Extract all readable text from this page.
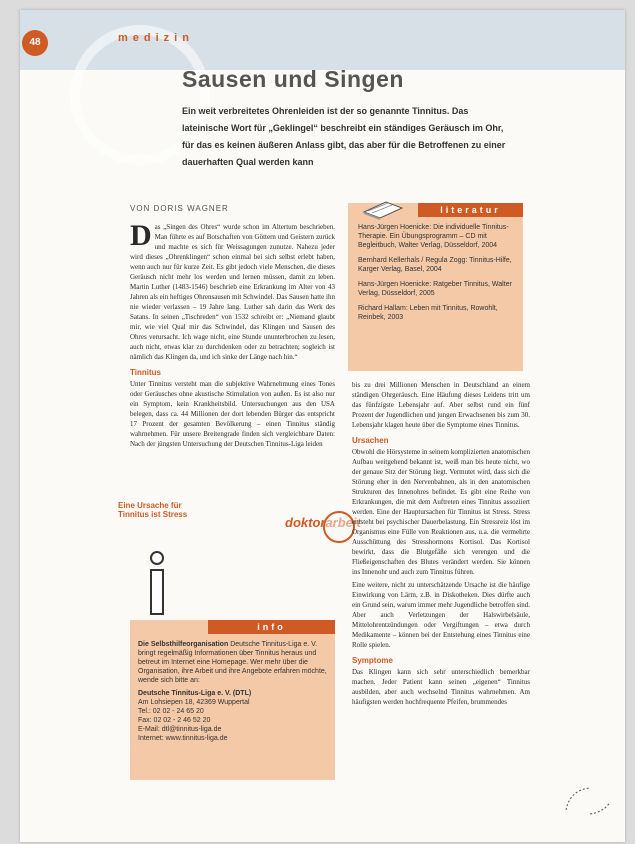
48	medizin
Sausen und Singen
Ein weit verbreitetes Ohrenleiden ist der so genannte Tinnitus. Das lateinische Wort für „Geklingel“ beschreibt ein ständiges Geräusch im Ohr, für das es keinen äußeren Anlass gibt, das aber für die Betroffenen zu einer dauerhaften Qual werden kann
VON DORIS WAGNER

Das „Singen des Ohres“ wurde schon im Altertum beschrieben. Man führte es auf Botschaften von Göttern und Geistern zurück und machte es sich für Weissagungen zunutze. Nahezu jeder wird dieses „Ohrenklingen“ schon einmal bei sich selbst erlebt haben, wenn auch nur für kurze Zeit. Es gibt jedoch viele Menschen, die dieses Geräusch nicht mehr los werden und lernen müssen, damit zu leben. Martin Luther (1483-1546) beschrieb eine Erkrankung im Alter von 43 Jahren als ein heftiges Ohrensausen mit Schwindel. Das Sausen hatte ihn nie wieder verlassen – 19 Jahre lang. Luther sah darin das Werk des Satans. In seinen „Tischreden“ von 1532 schreibt er: „Niemand glaubt mir, wie viel Qual mir das Schwindel, das Klingen und Sausen des Ohres verursacht. Ich wage nicht, eine Stunde ununterbrochen zu lesen, auch nicht, etwas klar zu durchdenken oder zu betrachten; sogleich ist nämlich das Klingen da, und ich sinke der Länge nach hin.“

Tinnitus

Unter Tinnitus versteht man die subjektive Wahrnehmung eines Tones oder Geräusches ohne akustische Stimulation von außen. Es ist also nur ein Symptom, kein Krankheitsbild. Untersuchungen aus den USA belegen, dass ca. 44 Millionen der dort lebenden Bürger das entspricht 17 Prozent der gesamten Bevölkerung – einen Tinnitus ständig wahrnehmen. Für unsere Breitengrade finden sich vergleichbare Daten: Nach der jüngsten Untersuchung der Deutschen Tinnitus-Liga leiden

Eine Ursache für Tinnitus ist Stress
doktorarbeit
literatur
Hans-Jürgen Hoenicke: Die individuelle Tinnitus-Therapie. Ein Übungsprogramm – CD mit Begleitbuch, Walter Verlag, Düsseldorf, 2004
Bernhard Kellerhals / Regula Zogg: Tinnitus-Hilfe, Karger Verlag, Basel, 2004
Hans-Jürgen Hoenicke: Ratgeber Tinnitus, Walter Verlag, Düsseldorf, 2005
Richard Hallam: Leben mit Tinnitus, Rowohlt, Reinbek, 2003

bis zu drei Millionen Menschen in Deutschland an einem ständigen Ohrgeräusch. Eine Häufung dieses Leidens tritt um das fünfzigste Lebensjahr auf. Aber selbst rund ein fünf Prozent der Jugendlichen und jungen Erwachsenen bis zum 30. Lebensjahr klagen heute über die Symptome eines Tinnitus.

Ursachen

Obwohl die Hörsysteme in seinem komplizierten anatomischen Aufbau weitgehend bekannt ist, weiß man bis heute nicht, wo der genaue Sitz der Störung liegt. Vermutet wird, dass sich die Störung eher in den Nervenbahnen, als in den anatomischen Strukturen des Innenohres befindet. Es gibt eine Reihe von Erkrankungen, die mit dem Auftreten eines Tinnitus assoziiert werden. Eine der Hauptursachen für Tinnitus ist Stress. Stress entsteht bei psychischer Dauerbelastung. Ein Stressreiz löst im Organismus eine Fülle von Reaktionen aus, u.a. die vermehrte Ausschüttung des Stresshormons Kortisol. Das Kortisol bewirkt, dass die Blutgefäße sich verengen und die Fließeigenschaften des Blutes verändert werden. Sie können ins Innenohr und auch zum Tinnitus führen.

Eine weitere, nicht zu unterschätzende Ursache ist die häufige Einwirkung von Lärm, z.B. in Diskotheken. Dies dürfte auch ein Grund sein, warum immer mehr Jugendliche betroffen sind. Aber auch Verletzungen der Halswirbelsäule, Mittelohrentzündungen oder Vergiftungen – etwa durch Medikamente – können bei der Entstehung eines Tinnitus eine Rolle spielen.

Symptome

Das Klingen kann sich sehr unterschiedlich bemerkbar machen. Jeder Patient kann seinen „eigenen“ Tinnitus ausbilden, aber auch wechselnd Tinnitus wahrnehmen. Am häufigsten werden hochfrequente Pfeifen, brummendes

info

Die Selbsthilfeorganisation Deutsche Tinnitus-Liga e. V. bringt regelmäßig Informationen über Tinnitus heraus und betreut im Internet eine Homepage. Wer mehr über die Organisation, ihre Arbeit und ihre Angebote erfahren möchte, wende sich bitte an:

Deutsche Tinnitus-Liga e. V. (DTL)
Am Lohsiepen 18, 42369 Wuppertal
Tel.: 02 02 - 24 65 20
Fax: 02 02 - 2 46 52 20
E-Mail: dtl@tinnitus-liga.de
Internet: www.tinnitus-liga.de
